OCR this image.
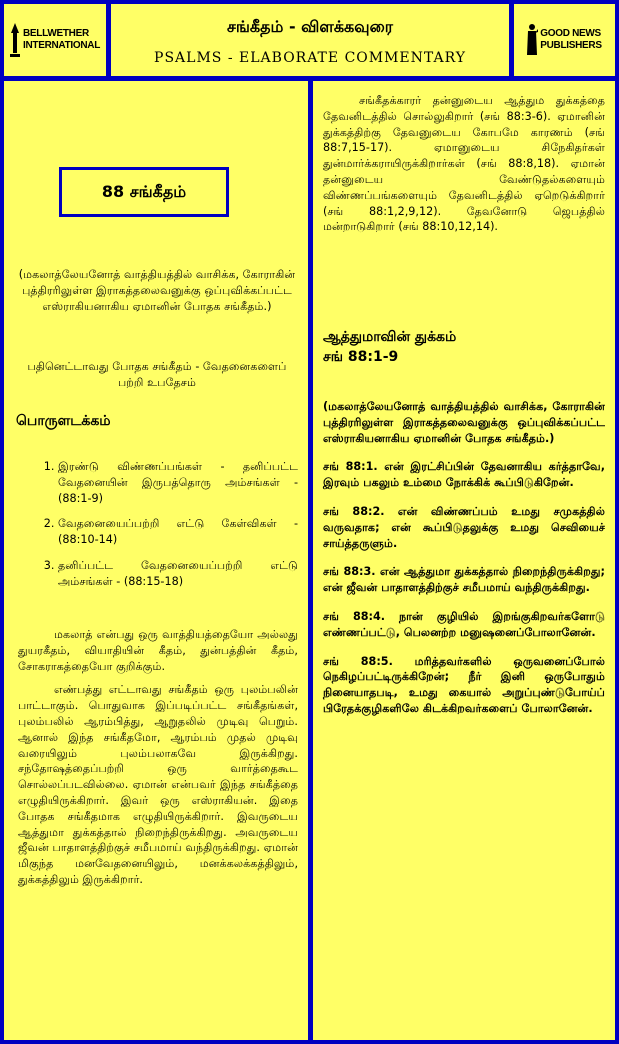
BELLWETHER
INTERNATIONAL
சங்கீதம் - விளக்கவுரை
PSALMS - ELABORATE COMMENTARY
GOOD NEWS
PUBLISHERS
88 சங்கீதம்
(மகலாத்லேயனோத் வாத்தியத்தில் வாசிக்க, கோராகின் புத்திரரிலுள்ள இராகத்தலைவனுக்கு ஒப்புவிக்கப்பட்ட எஸ்ராகியனாகிய ஏமானின் போதக சங்கீதம்.)
பதினெட்டாவது போதக சங்கீதம் - வேதனைகளைப் பற்றி உபதேசம்
பொருளடக்கம்
1. இரண்டு விண்ணப்பங்கள் - தனிப்பட்ட வேதனையின் இருபத்தொரு அம்சங்கள் - (88:1-9)
2. வேதனையைப்பற்றி எட்டு கேள்விகள் - (88:10-14)
3. தனிப்பட்ட வேதனையைப்பற்றி எட்டு அம்சங்கள் - (88:15-18)

மகலாத் என்பது ஒரு வாத்தியத்தையோ அல்லது துயரகீதம், வியாதியின் கீதம், துன்பத்தின் கீதம், சோகராகத்தையோ குறிக்கும்.

எண்பத்து எட்டாவது சங்கீதம் ஒரு புலம்பலின் பாட்டாகும். பொதுவாக இப்படிப்பட்ட சங்கீதங்கள், புலம்பலில் ஆரம்பித்து, ஆறுதலில் முடிவு பெறும். ஆனால் இந்த சங்கீதமோ, ஆரம்பம் முதல் முடிவு வரையிலும் புலம்பலாகவே இருக்கிறது. சந்தோஷத்தைப்பற்றி ஒரு வார்த்தைகூட சொல்லப்படவில்லை. ஏமான் என்பவர் இந்த சங்கீத்தை எழுதியிருக்கிறார். இவர் ஒரு எஸ்ராகியன். இதை போதக சங்கீதமாக எழுதியிருக்கிறார். இவருடைய ஆத்துமா துக்கத்தால் நிறைந்திருக்கிறது. அவருடைய ஜீவன் பாதாளத்திற்குச் சமீபமாய் வந்திருக்கிறது. ஏமான் மிகுந்த மனவேதனையிலும், மனக்கலக்கத்திலும், துக்கத்திலும் இருக்கிறார்.

சங்கீதக்காரர் தன்னுடைய ஆத்தும துக்கத்தை தேவனிடத்தில் சொல்லுகிறார் (சங் 88:3-6). ஏமானின் துக்கத்திற்கு தேவனுடைய கோபமே காரணம் (சங் 88:7,15-17). ஏமானுடைய சிநேகிதர்கள் துன்மார்க்கராயிருக்கிறார்கள் (சங் 88:8,18). ஏமான் தன்னுடைய வேண்டுதல்களையும் விண்ணப்பங்களையும் தேவனிடத்தில் ஏறெடுக்கிறார் (சங் 88:1,2,9,12). தேவனோடு ஜெபத்தில் மன்றாடுகிறார் (சங் 88:10,12,14).

ஆத்துமாவின் துக்கம்
சங் 88:1-9

(மகலாத்லேயனோத் வாத்தியத்தில் வாசிக்க, கோராகின் புத்திரரிலுள்ள இராகத்தலைவனுக்கு ஒப்புவிக்கப்பட்ட எஸ்ராகியனாகிய ஏமானின் போதக சங்கீதம்.)

சங் 88:1. என் இரட்சிப்பின் தேவனாகிய கர்த்தாவே, இரவும் பகலும் உம்மை நோக்கிக் கூப்பிடுகிறேன்.

சங் 88:2. என் விண்ணப்பம் உமது சமுகத்தில் வருவதாக; என் கூப்பிடுதலுக்கு உமது செவியைச் சாய்த்தருளும்.

சங் 88:3. என் ஆத்துமா துக்கத்தால் நிறைந்திருக்கிறது; என் ஜீவன் பாதாளத்திற்குச் சமீபமாய் வந்திருக்கிறது.

சங் 88:4. நான் குழியில் இறங்குகிறவர்களோடு எண்ணப்பட்டு, பெலனற்ற மனுஷனைப்போலானேன்.

சங் 88:5. மரித்தவர்களில் ஒருவனைப்போல் நெகிழப்பட்டிருக்கிறேன்; நீர் இனி ஒருபோதும் நினையாதபடி, உமது கையால் அறுப்புண்டுபோய்ப் பிரேதக்குழிகளிலே கிடக்கிறவர்களைப் போலானேன்.
